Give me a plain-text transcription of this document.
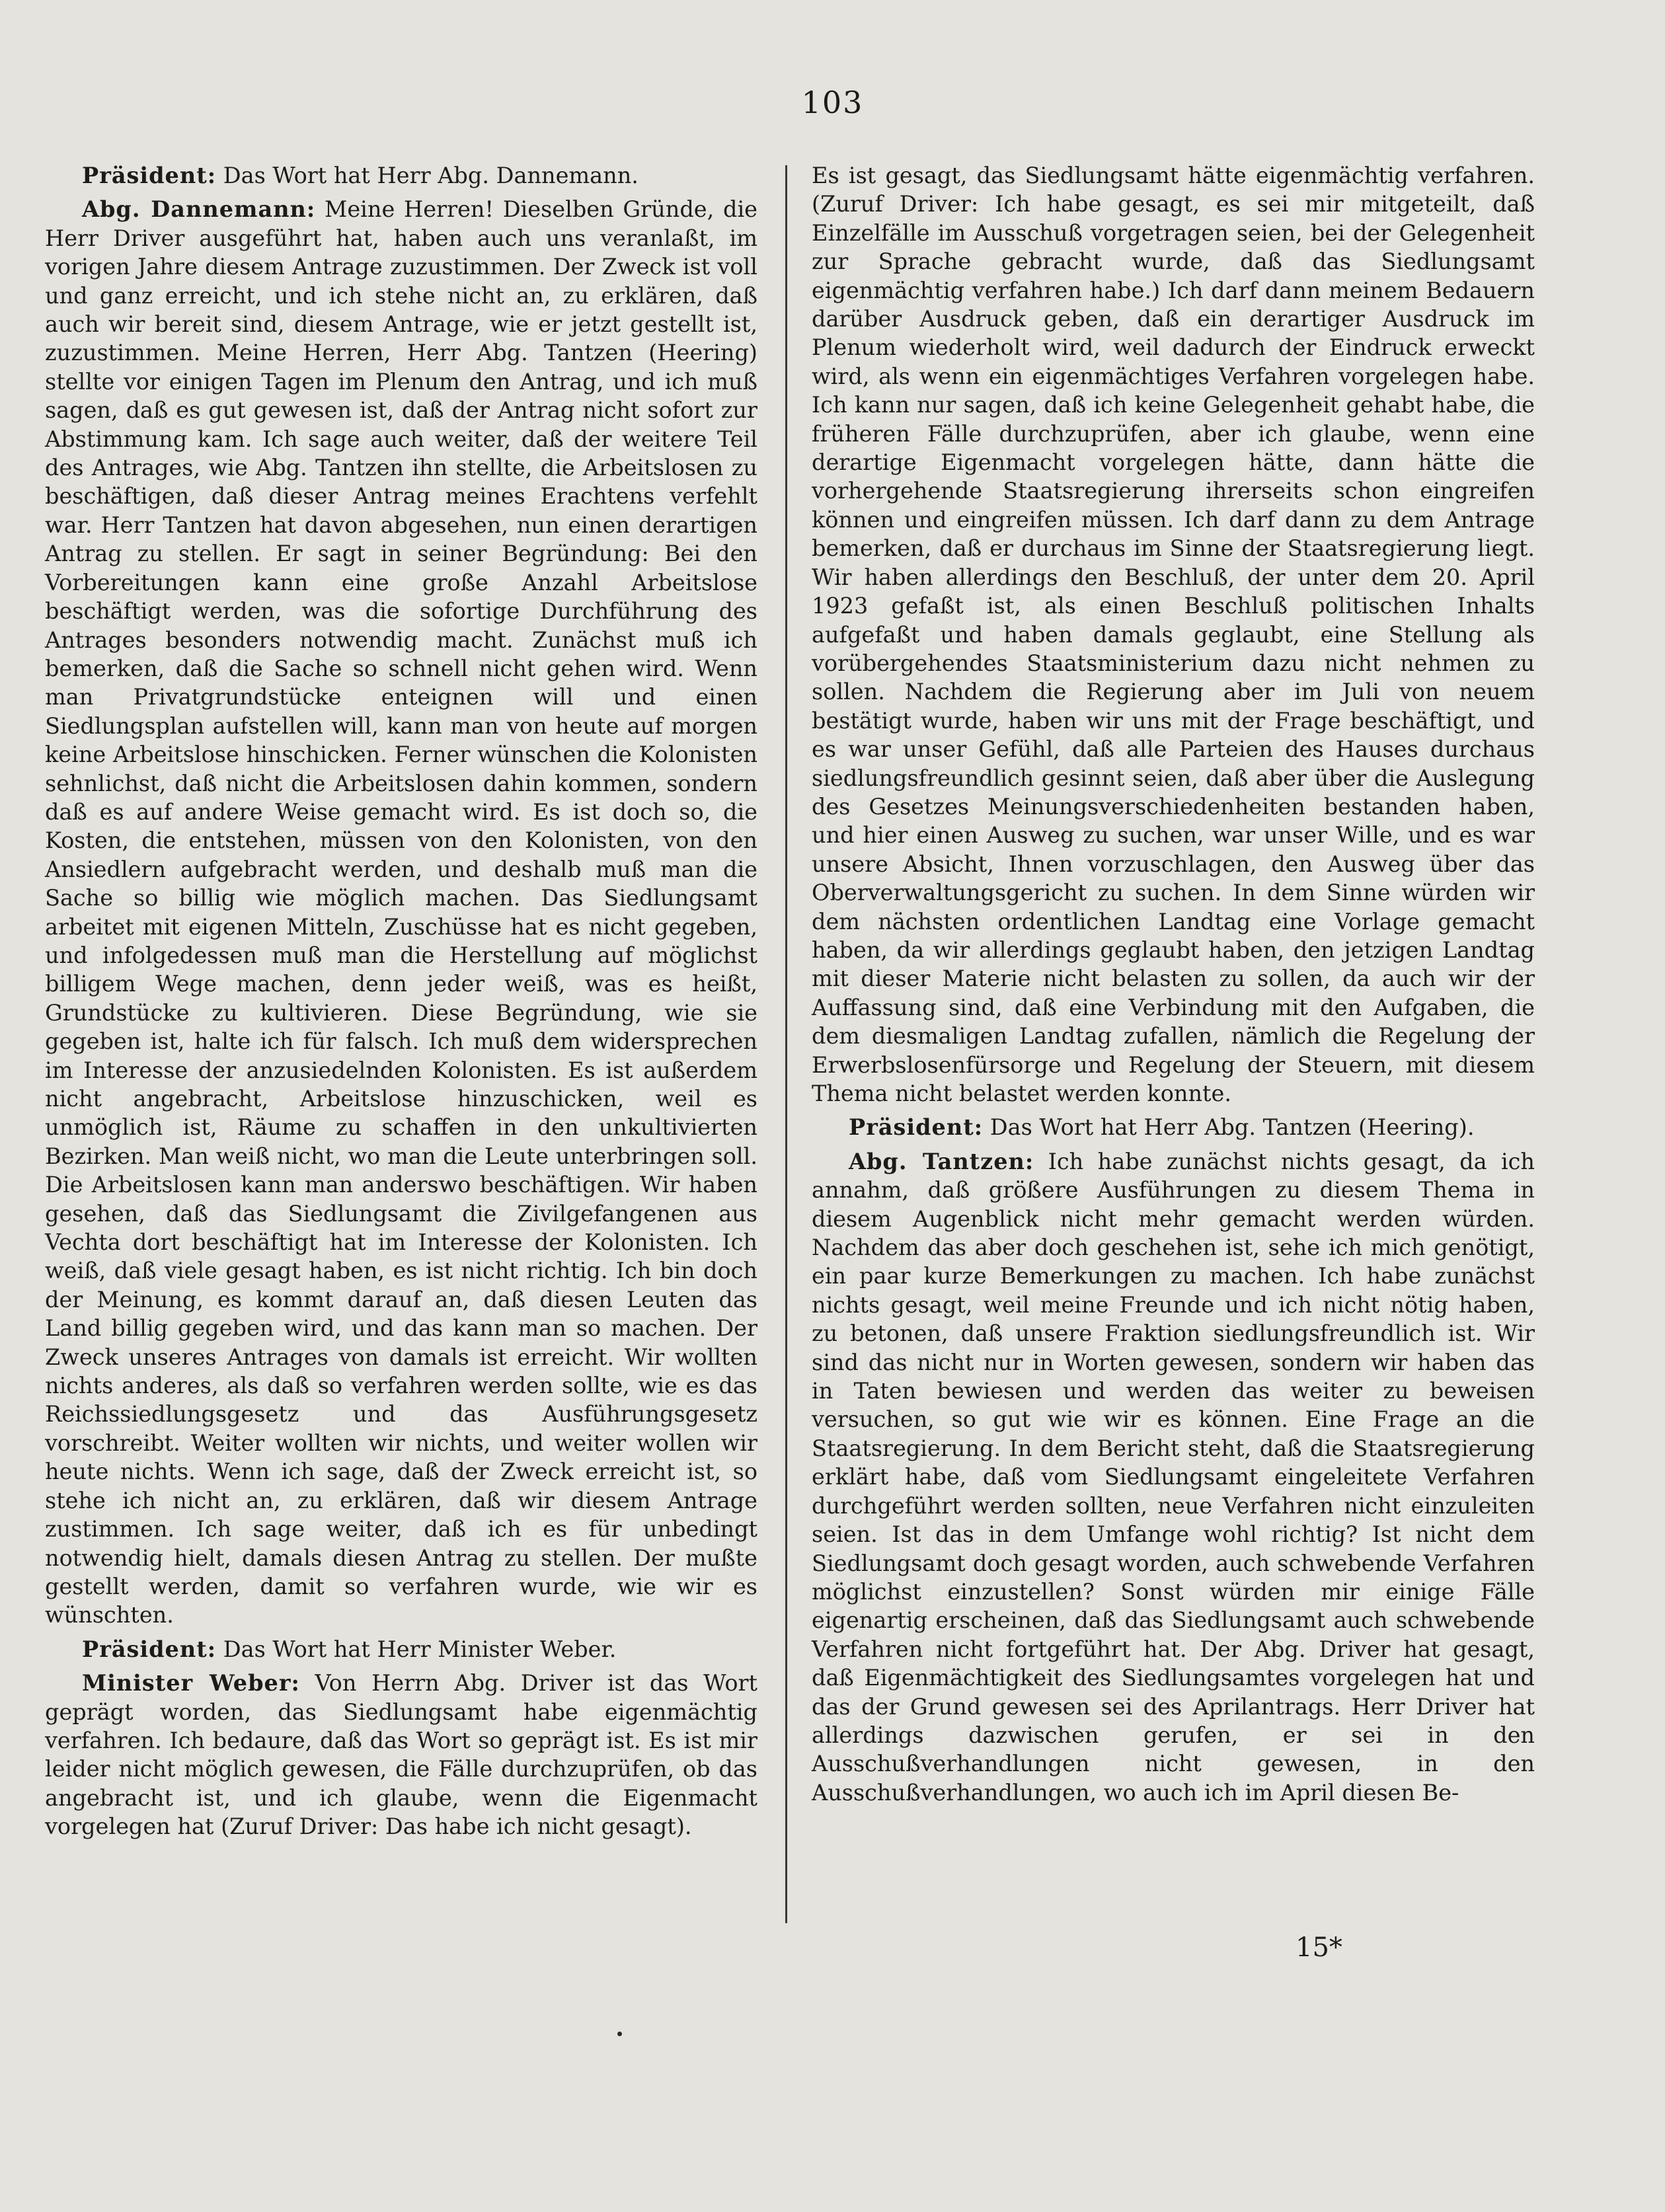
103

Präsident: Das Wort hat Herr Abg. Dannemann.

Abg. Dannemann: Meine Herren! Dieselben Gründe, die Herr Driver ausgeführt hat, haben auch uns veranlaßt, im vorigen Jahre diesem Antrage zuzustimmen. Der Zweck ist voll und ganz erreicht, und ich stehe nicht an, zu erklären, daß auch wir bereit sind, diesem Antrage, wie er jetzt gestellt ist, zuzustimmen. Meine Herren, Herr Abg. Tantzen (Heering) stellte vor einigen Tagen im Plenum den Antrag, und ich muß sagen, daß es gut gewesen ist, daß der Antrag nicht sofort zur Abstimmung kam. Ich sage auch weiter, daß der weitere Teil des Antrages, wie Abg. Tantzen ihn stellte, die Arbeitslosen zu beschäftigen, daß dieser Antrag meines Erachtens verfehlt war. Herr Tantzen hat davon abgesehen, nun einen derartigen Antrag zu stellen. Er sagt in seiner Begründung: Bei den Vorbereitungen kann eine große Anzahl Arbeitslose beschäftigt werden, was die sofortige Durchführung des Antrages besonders notwendig macht. Zunächst muß ich bemerken, daß die Sache so schnell nicht gehen wird. Wenn man Privatgrundstücke enteignen will und einen Siedlungsplan aufstellen will, kann man von heute auf morgen keine Arbeitslose hinschicken. Ferner wünschen die Kolonisten sehnlichst, daß nicht die Arbeitslosen dahin kommen, sondern daß es auf andere Weise gemacht wird. Es ist doch so, die Kosten, die entstehen, müssen von den Kolonisten, von den Ansiedlern aufgebracht werden, und deshalb muß man die Sache so billig wie möglich machen. Das Siedlungsamt arbeitet mit eigenen Mitteln, Zuschüsse hat es nicht gegeben, und infolgedessen muß man die Herstellung auf möglichst billigem Wege machen, denn jeder weiß, was es heißt, Grundstücke zu kultivieren. Diese Begründung, wie sie gegeben ist, halte ich für falsch. Ich muß dem widersprechen im Interesse der anzusiedelnden Kolonisten. Es ist außerdem nicht angebracht, Arbeitslose hinzuschicken, weil es unmöglich ist, Räume zu schaffen in den unkultivierten Bezirken. Man weiß nicht, wo man die Leute unterbringen soll. Die Arbeitslosen kann man anderswo beschäftigen. Wir haben gesehen, daß das Siedlungsamt die Zivilgefangenen aus Vechta dort beschäftigt hat im Interesse der Kolonisten. Ich weiß, daß viele gesagt haben, es ist nicht richtig. Ich bin doch der Meinung, es kommt darauf an, daß diesen Leuten das Land billig gegeben wird, und das kann man so machen. Der Zweck unseres Antrages von damals ist erreicht. Wir wollten nichts anderes, als daß so verfahren werden sollte, wie es das Reichssiedlungsgesetz und das Ausführungsgesetz vorschreibt. Weiter wollten wir nichts, und weiter wollen wir heute nichts. Wenn ich sage, daß der Zweck erreicht ist, so stehe ich nicht an, zu erklären, daß wir diesem Antrage zustimmen. Ich sage weiter, daß ich es für unbedingt notwendig hielt, damals diesen Antrag zu stellen. Der mußte gestellt werden, damit so verfahren wurde, wie wir es wünschten.

Präsident: Das Wort hat Herr Minister Weber.

Minister Weber: Von Herrn Abg. Driver ist das Wort geprägt worden, das Siedlungsamt habe eigenmächtig verfahren. Ich bedaure, daß das Wort so geprägt ist. Es ist mir leider nicht möglich gewesen, die Fälle durchzuprüfen, ob das angebracht ist, und ich glaube, wenn die Eigenmacht vorgelegen hat (Zuruf Driver: Das habe ich nicht gesagt).

Es ist gesagt, das Siedlungsamt hätte eigenmächtig verfahren. (Zuruf Driver: Ich habe gesagt, es sei mir mitgeteilt, daß Einzelfälle im Ausschuß vorgetragen seien, bei der Gelegenheit zur Sprache gebracht wurde, daß das Siedlungsamt eigenmächtig verfahren habe.) Ich darf dann meinem Bedauern darüber Ausdruck geben, daß ein derartiger Ausdruck im Plenum wiederholt wird, weil dadurch der Eindruck erweckt wird, als wenn ein eigenmächtiges Verfahren vorgelegen habe. Ich kann nur sagen, daß ich keine Gelegenheit gehabt habe, die früheren Fälle durchzuprüfen, aber ich glaube, wenn eine derartige Eigenmacht vorgelegen hätte, dann hätte die vorhergehende Staatsregierung ihrerseits schon eingreifen können und eingreifen müssen. Ich darf dann zu dem Antrage bemerken, daß er durchaus im Sinne der Staatsregierung liegt. Wir haben allerdings den Beschluß, der unter dem 20. April 1923 gefaßt ist, als einen Beschluß politischen Inhalts aufgefaßt und haben damals geglaubt, eine Stellung als vorübergehendes Staatsministerium dazu nicht nehmen zu sollen. Nachdem die Regierung aber im Juli von neuem bestätigt wurde, haben wir uns mit der Frage beschäftigt, und es war unser Gefühl, daß alle Parteien des Hauses durchaus siedlungsfreundlich gesinnt seien, daß aber über die Auslegung des Gesetzes Meinungsverschiedenheiten bestanden haben, und hier einen Ausweg zu suchen, war unser Wille, und es war unsere Absicht, Ihnen vorzuschlagen, den Ausweg über das Oberverwaltungsgericht zu suchen. In dem Sinne würden wir dem nächsten ordentlichen Landtag eine Vorlage gemacht haben, da wir allerdings geglaubt haben, den jetzigen Landtag mit dieser Materie nicht belasten zu sollen, da auch wir der Auffassung sind, daß eine Verbindung mit den Aufgaben, die dem diesmaligen Landtag zufallen, nämlich die Regelung der Erwerbslosenfürsorge und Regelung der Steuern, mit diesem Thema nicht belastet werden konnte.

Präsident: Das Wort hat Herr Abg. Tantzen (Heering).

Abg. Tantzen: Ich habe zunächst nichts gesagt, da ich annahm, daß größere Ausführungen zu diesem Thema in diesem Augenblick nicht mehr gemacht werden würden. Nachdem das aber doch geschehen ist, sehe ich mich genötigt, ein paar kurze Bemerkungen zu machen. Ich habe zunächst nichts gesagt, weil meine Freunde und ich nicht nötig haben, zu betonen, daß unsere Fraktion siedlungsfreundlich ist. Wir sind das nicht nur in Worten gewesen, sondern wir haben das in Taten bewiesen und werden das weiter zu beweisen versuchen, so gut wie wir es können. Eine Frage an die Staatsregierung. In dem Bericht steht, daß die Staatsregierung erklärt habe, daß vom Siedlungsamt eingeleitete Verfahren durchgeführt werden sollten, neue Verfahren nicht einzuleiten seien. Ist das in dem Umfange wohl richtig? Ist nicht dem Siedlungsamt doch gesagt worden, auch schwebende Verfahren möglichst einzustellen? Sonst würden mir einige Fälle eigenartig erscheinen, daß das Siedlungsamt auch schwebende Verfahren nicht fortgeführt hat. Der Abg. Driver hat gesagt, daß Eigenmächtigkeit des Siedlungsamtes vorgelegen hat und das der Grund gewesen sei des Aprilantrags. Herr Driver hat allerdings dazwischen gerufen, er sei in den Ausschußverhandlungen nicht gewesen, in den Ausschußverhandlungen, wo auch ich im April diesen Be-

15*
